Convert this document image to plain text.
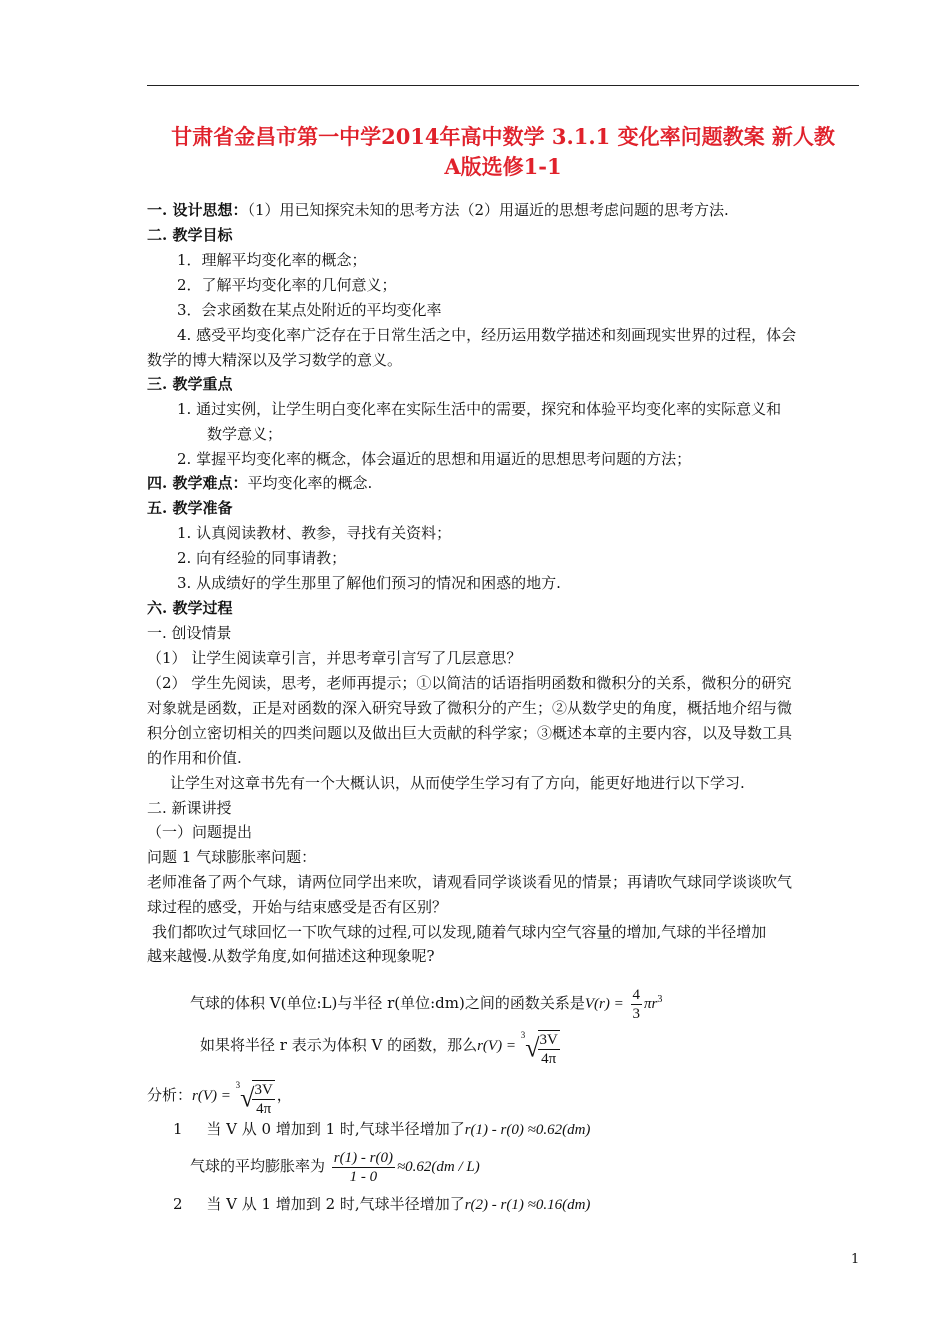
甘肃省金昌市第一中学2014年高中数学 3.1.1 变化率问题教案 新人教
A版选修1-1
一. 设计思想：（1）用已知探究未知的思考方法（2）用逼近的思想考虑问题的思考方法.
二. 教学目标
1．理解平均变化率的概念；
2．了解平均变化率的几何意义；
3．会求函数在某点处附近的平均变化率
4. 感受平均变化率广泛存在于日常生活之中，经历运用数学描述和刻画现实世界的过程，体会
数学的博大精深以及学习数学的意义。
三. 教学重点
1. 通过实例，让学生明白变化率在实际生活中的需要，探究和体验平均变化率的实际意义和
数学意义；
2. 掌握平均变化率的概念，体会逼近的思想和用逼近的思想思考问题的方法；
四. 教学难点：平均变化率的概念.
五. 教学准备
1. 认真阅读教材、教参，寻找有关资料；
2. 向有经验的同事请教；
3. 从成绩好的学生那里了解他们预习的情况和困惑的地方.
六. 教学过程
一. 创设情景
（1） 让学生阅读章引言，并思考章引言写了几层意思？
（2） 学生先阅读，思考，老师再提示；①以简洁的话语指明函数和微积分的关系，微积分的研究
对象就是函数，正是对函数的深入研究导致了微积分的产生；②从数学史的角度，概括地介绍与微
积分创立密切相关的四类问题以及做出巨大贡献的科学家；③概述本章的主要内容，以及导数工具
的作用和价值.
让学生对这章书先有一个大概认识，从而使学生学习有了方向，能更好地进行以下学习.
二. 新课讲授
（一）问题提出
问题 1 气球膨胀率问题：
老师准备了两个气球，请两位同学出来吹，请观看同学谈谈看见的情景；再请吹气球同学谈谈吹气
球过程的感受，开始与结束感受是否有区别？
我们都吹过气球回忆一下吹气球的过程,可以发现,随着气球内空气容量的增加,气球的半径增加
越来越慢.从数学角度,如何描述这种现象呢?
气球的体积 V(单位:L)与半径 r(单位:dm)之间的函数关系是$V(r) = \frac{4}{3} \pi r^3$
如果将半径 r 表示为体积 V 的函数，那么r(V) = $^3$√
$\frac{3V}{4\pi}$
分析：r(V) = $^3$√
$\frac{3V}{4\pi}$ ，
1 当 V 从 0 增加到 1 时,气球半径增加了r(1) - r(0) ≈0.62(dm)
气球的平均膨胀率为 $\frac{r(1) - r(0)}{1 - 0} \approx 0.62(dm / L)$
2 当 V 从 1 增加到 2 时,气球半径增加了r(2) - r(1) ≈0.16(dm)
1
